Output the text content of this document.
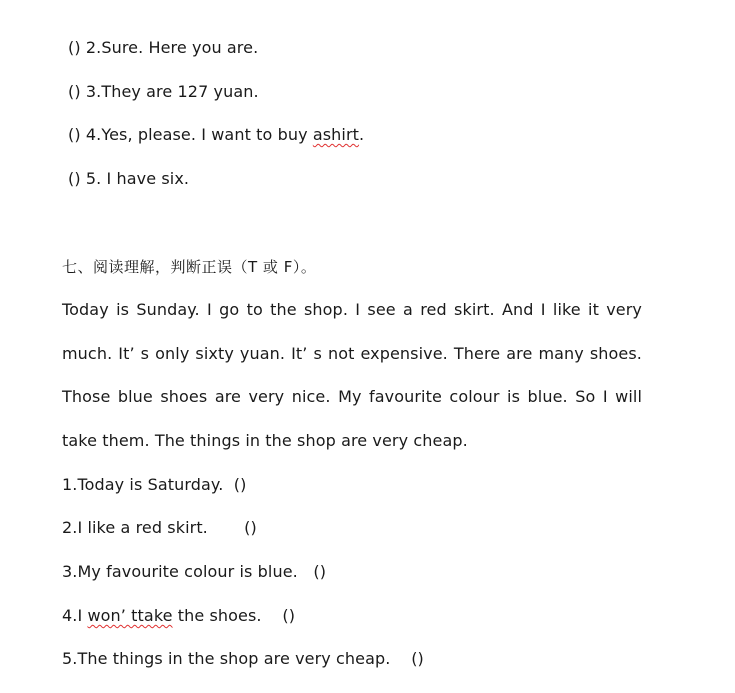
() 2.Sure. Here you are.
() 3.They are 127 yuan.
() 4.Yes, please. I want to buy ashirt.
() 5. I have six.
七、阅读理解，判断正误（T 或 F）。
Today is Sunday. I go to the shop. I see a red skirt. And I like it very
much. It’ s only sixty yuan. It’ s not expensive. There are many shoes.
Those blue shoes are very nice. My favourite colour is blue. So I will
take them. The things in the shop are very cheap.
1.Today is Saturday.  ()
2.I like a red skirt.       ()
3.My favourite colour is blue.   ()
4.I won’ ttake the shoes.    ()
5.The things in the shop are very cheap.    ()
